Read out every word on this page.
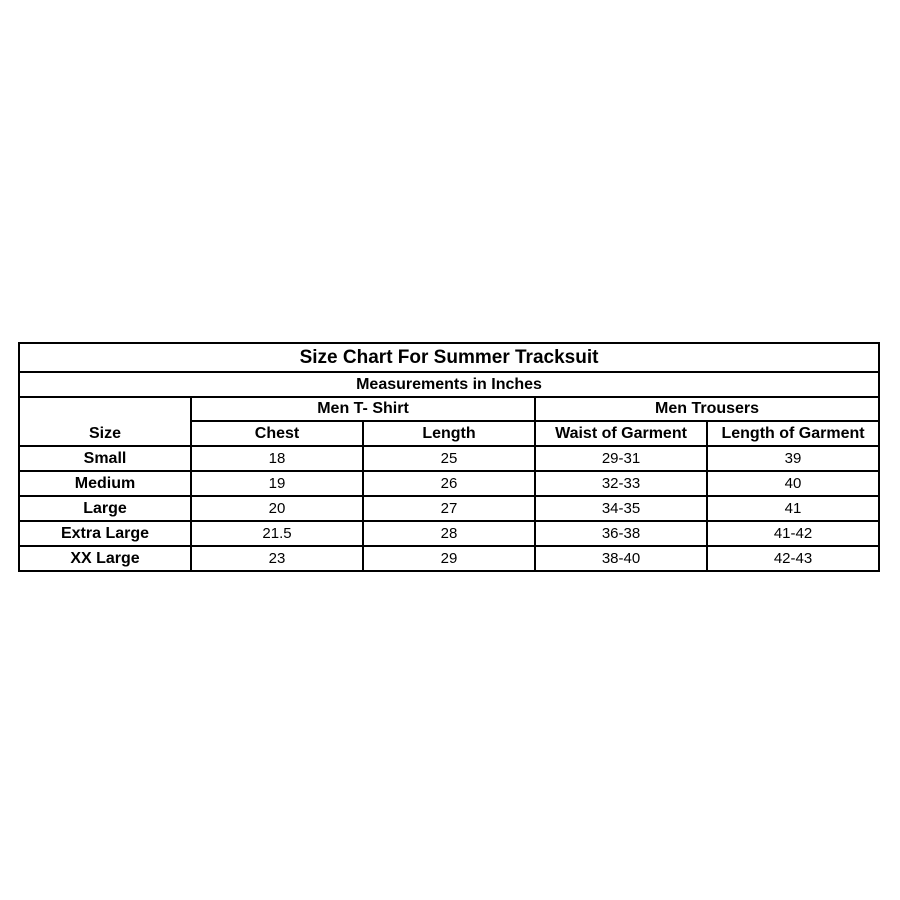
Size Chart For Summer Tracksuit				
Measurements in Inches				
Size	Men T- Shirt		Men Trousers	
	Chest	Length	Waist of Garment	Length of Garment
Small	18	25	29-31	39
Medium	19	26	32-33	40
Large	20	27	34-35	41
Extra Large	21.5	28	36-38	41-42
XX Large	23	29	38-40	42-43
